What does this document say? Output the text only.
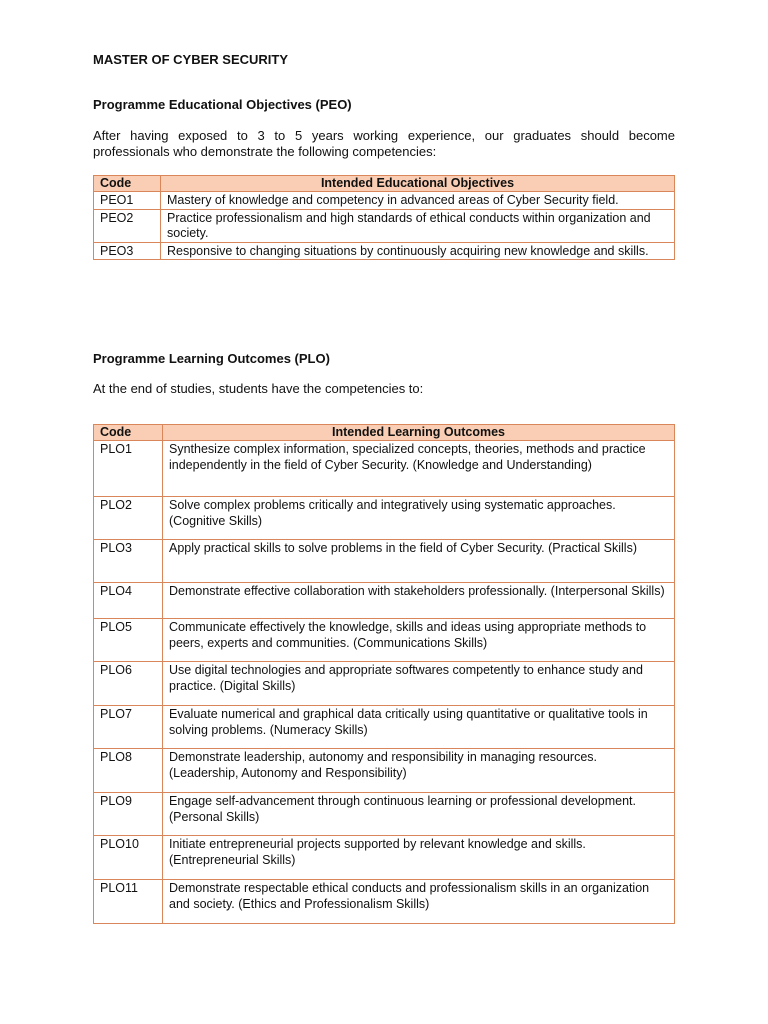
MASTER OF CYBER SECURITY
Programme Educational Objectives (PEO)
After having exposed to 3 to 5 years working experience, our graduates should become professionals who demonstrate the following competencies:
Code	Intended Educational Objectives
PEO1	Mastery of knowledge and competency in advanced areas of Cyber Security field.
PEO2	Practice professionalism and high standards of ethical conducts within organization and society.
PEO3	Responsive to changing situations by continuously acquiring new knowledge and skills.
Programme Learning Outcomes (PLO)
At the end of studies, students have the competencies to:
Code	Intended Learning Outcomes
PLO1	Synthesize complex information, specialized concepts, theories, methods and practice independently in the field of Cyber Security. (Knowledge and Understanding)
PLO2	Solve complex problems critically and integratively using systematic approaches. (Cognitive Skills)
PLO3	Apply practical skills to solve problems in the field of Cyber Security. (Practical Skills)
PLO4	Demonstrate effective collaboration with stakeholders professionally. (Interpersonal Skills)
PLO5	Communicate effectively the knowledge, skills and ideas using appropriate methods to peers, experts and communities. (Communications Skills)
PLO6	Use digital technologies and appropriate softwares competently to enhance study and practice. (Digital Skills)
PLO7	Evaluate numerical and graphical data critically using quantitative or qualitative tools in solving problems. (Numeracy Skills)
PLO8	Demonstrate leadership, autonomy and responsibility in managing resources. (Leadership, Autonomy and Responsibility)
PLO9	Engage self-advancement through continuous learning or professional development. (Personal Skills)
PLO10	Initiate entrepreneurial projects supported by relevant knowledge and skills. (Entrepreneurial Skills)
PLO11	Demonstrate respectable ethical conducts and professionalism skills in an organization and society. (Ethics and Professionalism Skills)
